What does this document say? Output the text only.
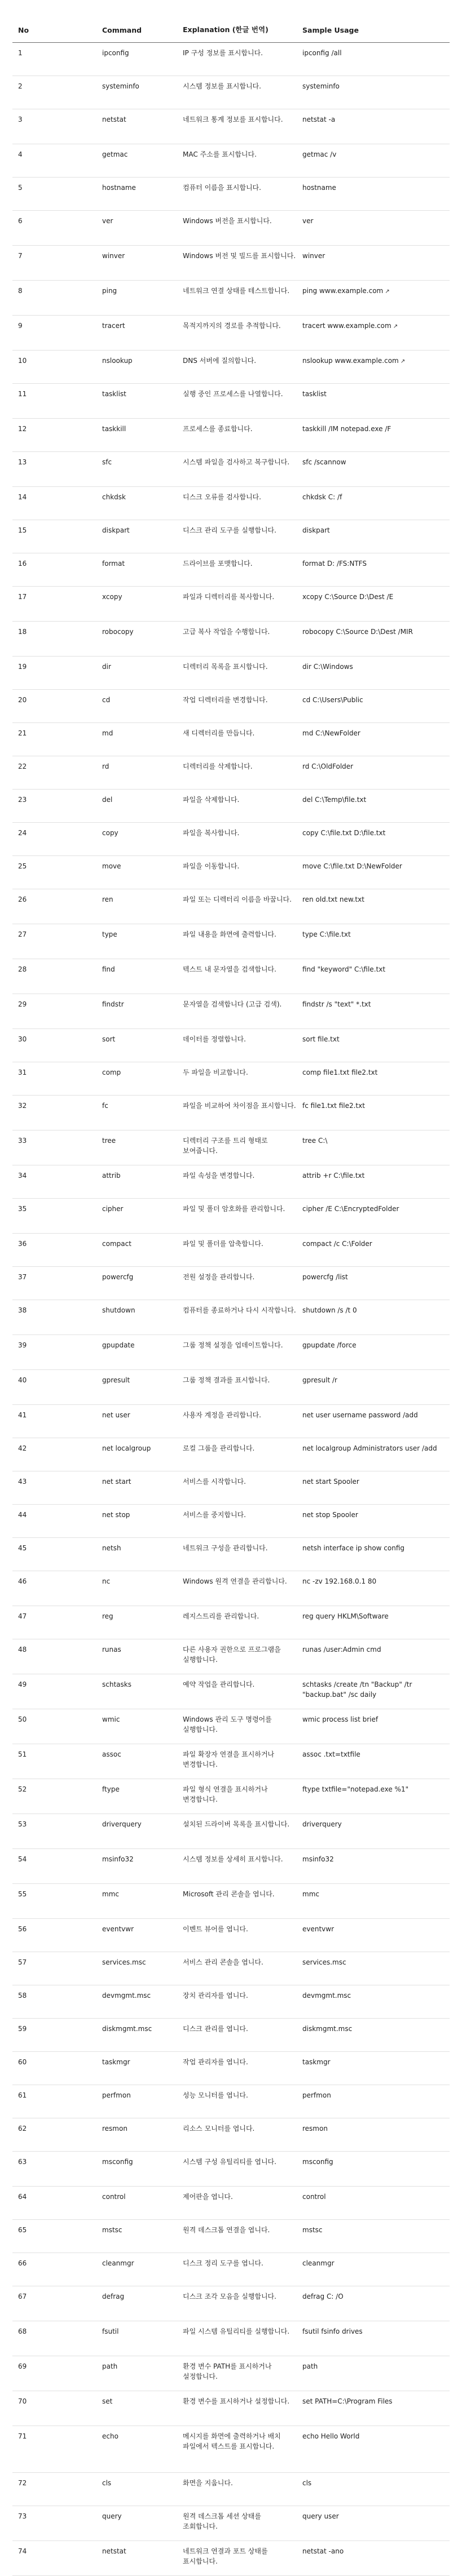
No	Command	Explanation (한글 번역)	Sample Usage
1	ipconfig	IP 구성 정보를 표시합니다.	ipconfig /all
2	systeminfo	시스템 정보를 표시합니다.	systeminfo
3	netstat	네트워크 통계 정보를 표시합니다.	netstat -a
4	getmac	MAC 주소를 표시합니다.	getmac /v
5	hostname	컴퓨터 이름을 표시합니다.	hostname
6	ver	Windows 버전을 표시합니다.	ver
7	winver	Windows 버전 및 빌드를 표시합니다.	winver
8	ping	네트워크 연결 상태를 테스트합니다.	ping www.example.com ↗
9	tracert	목적지까지의 경로를 추적합니다.	tracert www.example.com ↗
10	nslookup	DNS 서버에 질의합니다.	nslookup www.example.com ↗
11	tasklist	실행 중인 프로세스를 나열합니다.	tasklist
12	taskkill	프로세스를 종료합니다.	taskkill /IM notepad.exe /F
13	sfc	시스템 파일을 검사하고 복구합니다.	sfc /scannow
14	chkdsk	디스크 오류를 검사합니다.	chkdsk C: /f
15	diskpart	디스크 관리 도구를 실행합니다.	diskpart
16	format	드라이브를 포맷합니다.	format D: /FS:NTFS
17	xcopy	파일과 디렉터리를 복사합니다.	xcopy C:\Source D:\Dest /E
18	robocopy	고급 복사 작업을 수행합니다.	robocopy C:\Source D:\Dest /MIR
19	dir	디렉터리 목록을 표시합니다.	dir C:\Windows
20	cd	작업 디렉터리를 변경합니다.	cd C:\Users\Public
21	md	새 디렉터리를 만듭니다.	md C:\NewFolder
22	rd	디렉터리를 삭제합니다.	rd C:\OldFolder
23	del	파일을 삭제합니다.	del C:\Temp\file.txt
24	copy	파일을 복사합니다.	copy C:\file.txt D:\file.txt
25	move	파일을 이동합니다.	move C:\file.txt D:\NewFolder
26	ren	파일 또는 디렉터리 이름을 바꿉니다.	ren old.txt new.txt
27	type	파일 내용을 화면에 출력합니다.	type C:\file.txt
28	find	텍스트 내 문자열을 검색합니다.	find "keyword" C:\file.txt
29	findstr	문자열을 검색합니다 (고급 검색).	findstr /s "text" *.txt
30	sort	데이터를 정렬합니다.	sort file.txt
31	comp	두 파일을 비교합니다.	comp file1.txt file2.txt
32	fc	파일을 비교하여 차이점을 표시합니다.	fc file1.txt file2.txt
33	tree	디렉터리 구조를 트리 형태로 보여줍니다.	tree C:\
34	attrib	파일 속성을 변경합니다.	attrib +r C:\file.txt
35	cipher	파일 및 폴더 암호화를 관리합니다.	cipher /E C:\EncryptedFolder
36	compact	파일 및 폴더를 압축합니다.	compact /c C:\Folder
37	powercfg	전원 설정을 관리합니다.	powercfg /list
38	shutdown	컴퓨터를 종료하거나 다시 시작합니다.	shutdown /s /t 0
39	gpupdate	그룹 정책 설정을 업데이트합니다.	gpupdate /force
40	gpresult	그룹 정책 결과를 표시합니다.	gpresult /r
41	net user	사용자 계정을 관리합니다.	net user username password /add
42	net localgroup	로컬 그룹을 관리합니다.	net localgroup Administrators user /add
43	net start	서비스를 시작합니다.	net start Spooler
44	net stop	서비스를 중지합니다.	net stop Spooler
45	netsh	네트워크 구성을 관리합니다.	netsh interface ip show config
46	nc	Windows 원격 연결을 관리합니다.	nc -zv 192.168.0.1 80
47	reg	레지스트리를 관리합니다.	reg query HKLM\Software
48	runas	다른 사용자 권한으로 프로그램을 실행합니다.	runas /user:Admin cmd
49	schtasks	예약 작업을 관리합니다.	schtasks /create /tn "Backup" /tr "backup.bat" /sc daily
50	wmic	Windows 관리 도구 명령어를 실행합니다.	wmic process list brief
51	assoc	파일 확장자 연결을 표시하거나 변경합니다.	assoc .txt=txtfile
52	ftype	파일 형식 연결을 표시하거나 변경합니다.	ftype txtfile="notepad.exe %1"
53	driverquery	설치된 드라이버 목록을 표시합니다.	driverquery
54	msinfo32	시스템 정보를 상세히 표시합니다.	msinfo32
55	mmc	Microsoft 관리 콘솔을 엽니다.	mmc
56	eventvwr	이벤트 뷰어를 엽니다.	eventvwr
57	services.msc	서비스 관리 콘솔을 엽니다.	services.msc
58	devmgmt.msc	장치 관리자를 엽니다.	devmgmt.msc
59	diskmgmt.msc	디스크 관리를 엽니다.	diskmgmt.msc
60	taskmgr	작업 관리자를 엽니다.	taskmgr
61	perfmon	성능 모니터를 엽니다.	perfmon
62	resmon	리소스 모니터를 엽니다.	resmon
63	msconfig	시스템 구성 유틸리티를 엽니다.	msconfig
64	control	제어판을 엽니다.	control
65	mstsc	원격 데스크톱 연결을 엽니다.	mstsc
66	cleanmgr	디스크 정리 도구를 엽니다.	cleanmgr
67	defrag	디스크 조각 모음을 실행합니다.	defrag C: /O
68	fsutil	파일 시스템 유틸리티를 실행합니다.	fsutil fsinfo drives
69	path	환경 변수 PATH를 표시하거나 설정합니다.	path
70	set	환경 변수를 표시하거나 설정합니다.	set PATH=C:\Program Files
71	echo	메시지를 화면에 출력하거나 배치 파일에서 텍스트를 표시합니다.	echo Hello World
72	cls	화면을 지웁니다.	cls
73	query	원격 데스크톱 세션 상태를 조회합니다.	query user
74	netstat	네트워크 연결과 포트 상태를 표시합니다.	netstat -ano
